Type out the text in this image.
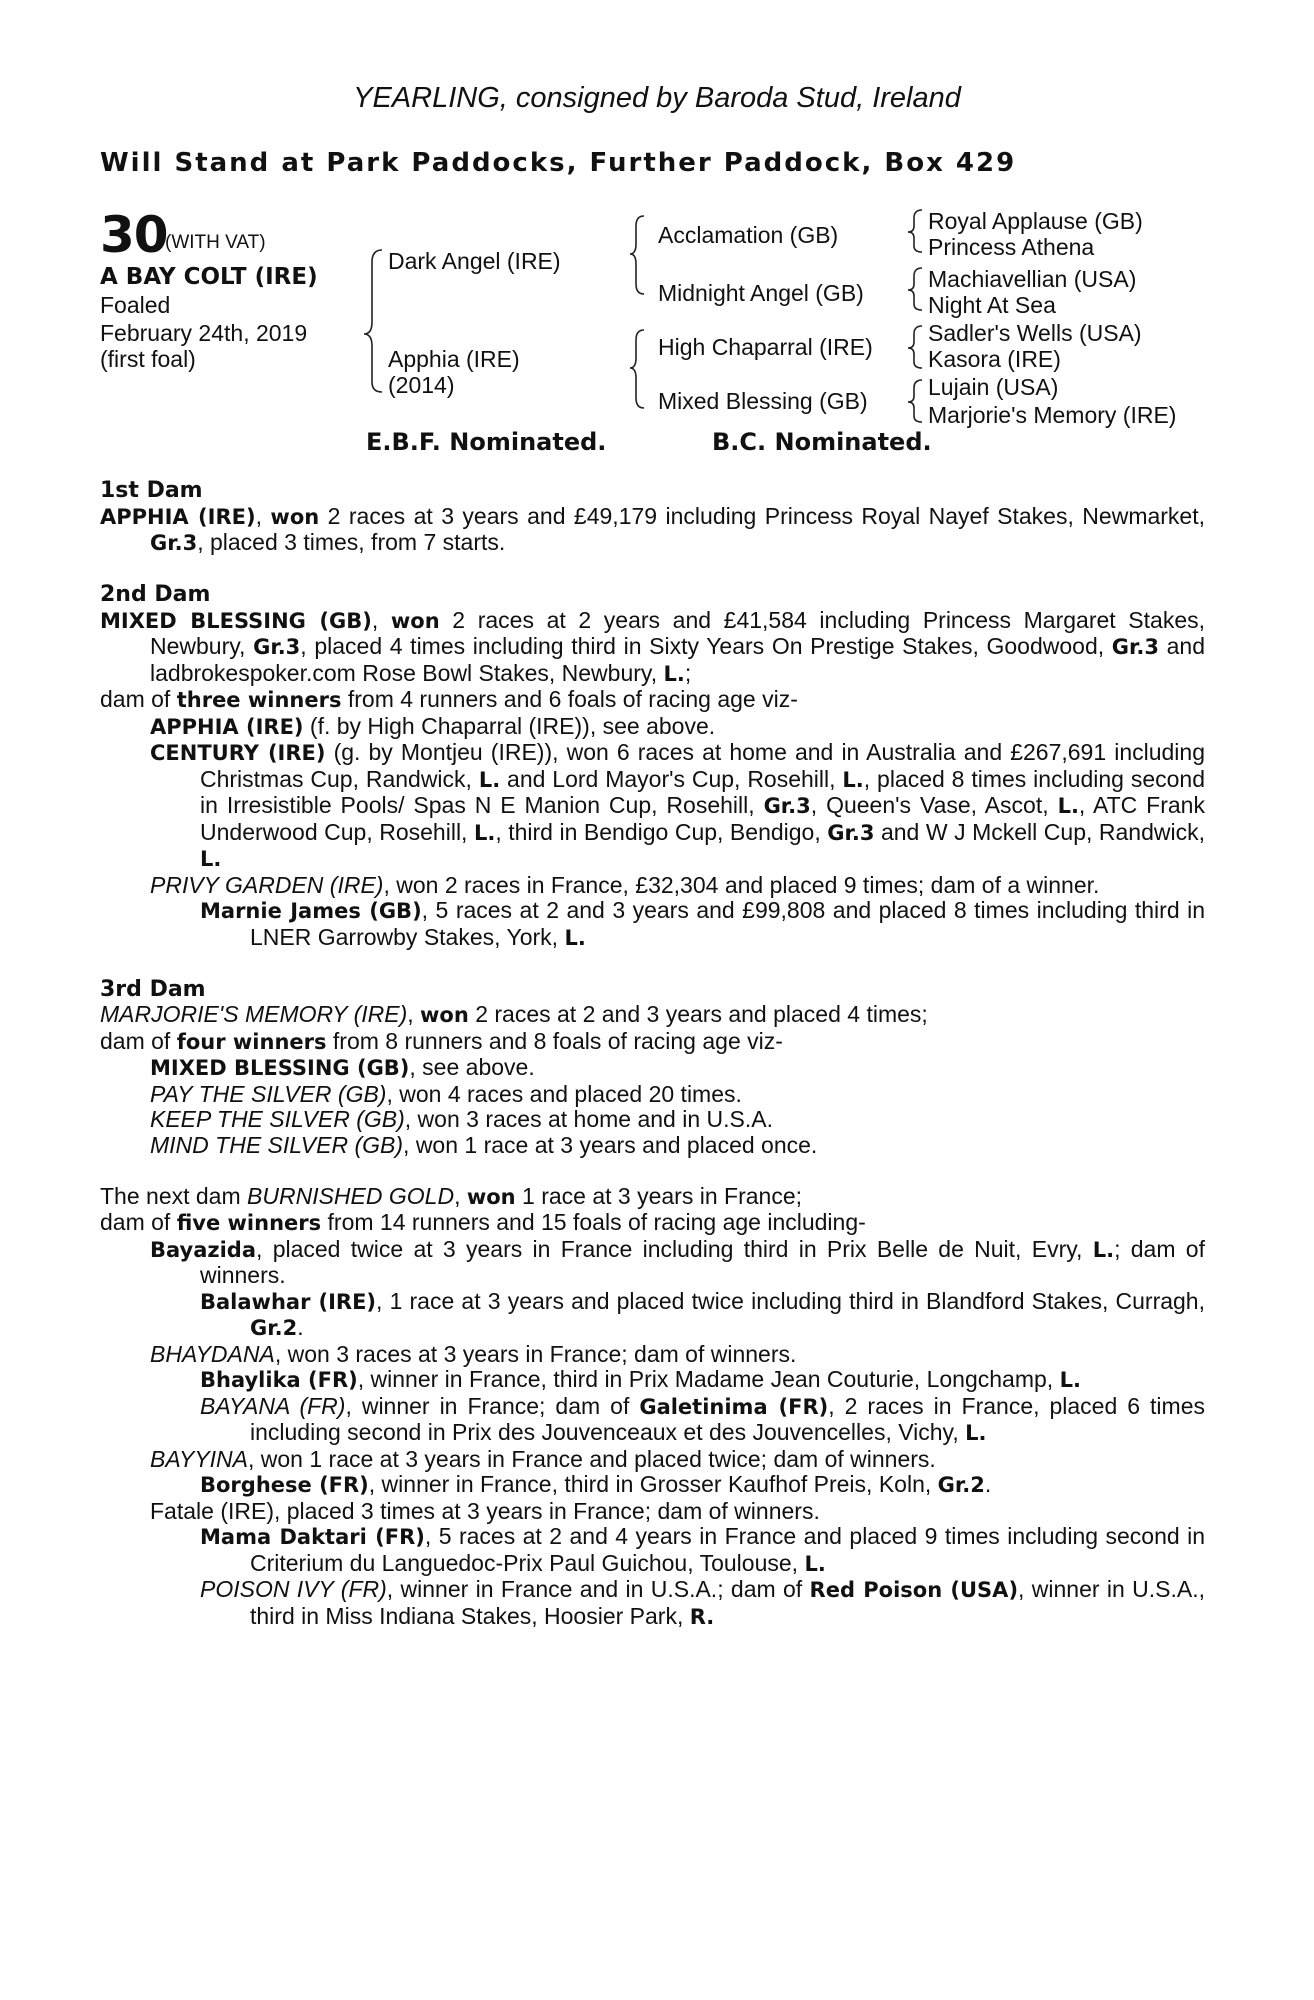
YEARLING, consigned by Baroda Stud, Ireland
Will Stand at Park Paddocks, Further Paddock, Box 429
30
(WITH VAT)
A BAY COLT (IRE)
Foaled
February 24th, 2019
(first foal)
Dark Angel (IRE)
Apphia (IRE)
(2014)
Acclamation (GB)
Midnight Angel (GB)
High Chaparral (IRE)
Mixed Blessing (GB)
Royal Applause (GB)
Princess Athena
Machiavellian (USA)
Night At Sea
Sadler's Wells (USA)
Kasora (IRE)
Lujain (USA)
Marjorie's Memory (IRE)
E.B.F. Nominated.	B.C. Nominated.
1st Dam
APPHIA (IRE), won 2 races at 3 years and £49,179 including Princess Royal Nayef Stakes, Newmarket, Gr.3, placed 3 times, from 7 starts.
2nd Dam
MIXED BLESSING (GB), won 2 races at 2 years and £41,584 including Princess Margaret Stakes, Newbury, Gr.3, placed 4 times including third in Sixty Years On Prestige Stakes, Goodwood, Gr.3 and ladbrokespoker.com Rose Bowl Stakes, Newbury, L.;
dam of three winners from 4 runners and 6 foals of racing age viz-
APPHIA (IRE) (f. by High Chaparral (IRE)), see above.
CENTURY (IRE) (g. by Montjeu (IRE)), won 6 races at home and in Australia and £267,691 including Christmas Cup, Randwick, L. and Lord Mayor's Cup, Rosehill, L., placed 8 times including second in Irresistible Pools/ Spas N E Manion Cup, Rosehill, Gr.3, Queen's Vase, Ascot, L., ATC Frank Underwood Cup, Rosehill, L., third in Bendigo Cup, Bendigo, Gr.3 and W J Mckell Cup, Randwick, L.
PRIVY GARDEN (IRE), won 2 races in France, £32,304 and placed 9 times; dam of a winner.
Marnie James (GB), 5 races at 2 and 3 years and £99,808 and placed 8 times including third in LNER Garrowby Stakes, York, L.
3rd Dam
MARJORIE'S MEMORY (IRE), won 2 races at 2 and 3 years and placed 4 times;
dam of four winners from 8 runners and 8 foals of racing age viz-
MIXED BLESSING (GB), see above.
PAY THE SILVER (GB), won 4 races and placed 20 times.
KEEP THE SILVER (GB), won 3 races at home and in U.S.A.
MIND THE SILVER (GB), won 1 race at 3 years and placed once.
The next dam BURNISHED GOLD, won 1 race at 3 years in France;
dam of five winners from 14 runners and 15 foals of racing age including-
Bayazida, placed twice at 3 years in France including third in Prix Belle de Nuit, Evry, L.; dam of winners.
Balawhar (IRE), 1 race at 3 years and placed twice including third in Blandford Stakes, Curragh, Gr.2.
BHAYDANA, won 3 races at 3 years in France; dam of winners.
Bhaylika (FR), winner in France, third in Prix Madame Jean Couturie, Longchamp, L.
BAYANA (FR), winner in France; dam of Galetinima (FR), 2 races in France, placed 6 times including second in Prix des Jouvenceaux et des Jouvencelles, Vichy, L.
BAYYINA, won 1 race at 3 years in France and placed twice; dam of winners.
Borghese (FR), winner in France, third in Grosser Kaufhof Preis, Koln, Gr.2.
Fatale (IRE), placed 3 times at 3 years in France; dam of winners.
Mama Daktari (FR), 5 races at 2 and 4 years in France and placed 9 times including second in Criterium du Languedoc-Prix Paul Guichou, Toulouse, L.
POISON IVY (FR), winner in France and in U.S.A.; dam of Red Poison (USA), winner in U.S.A., third in Miss Indiana Stakes, Hoosier Park, R.
